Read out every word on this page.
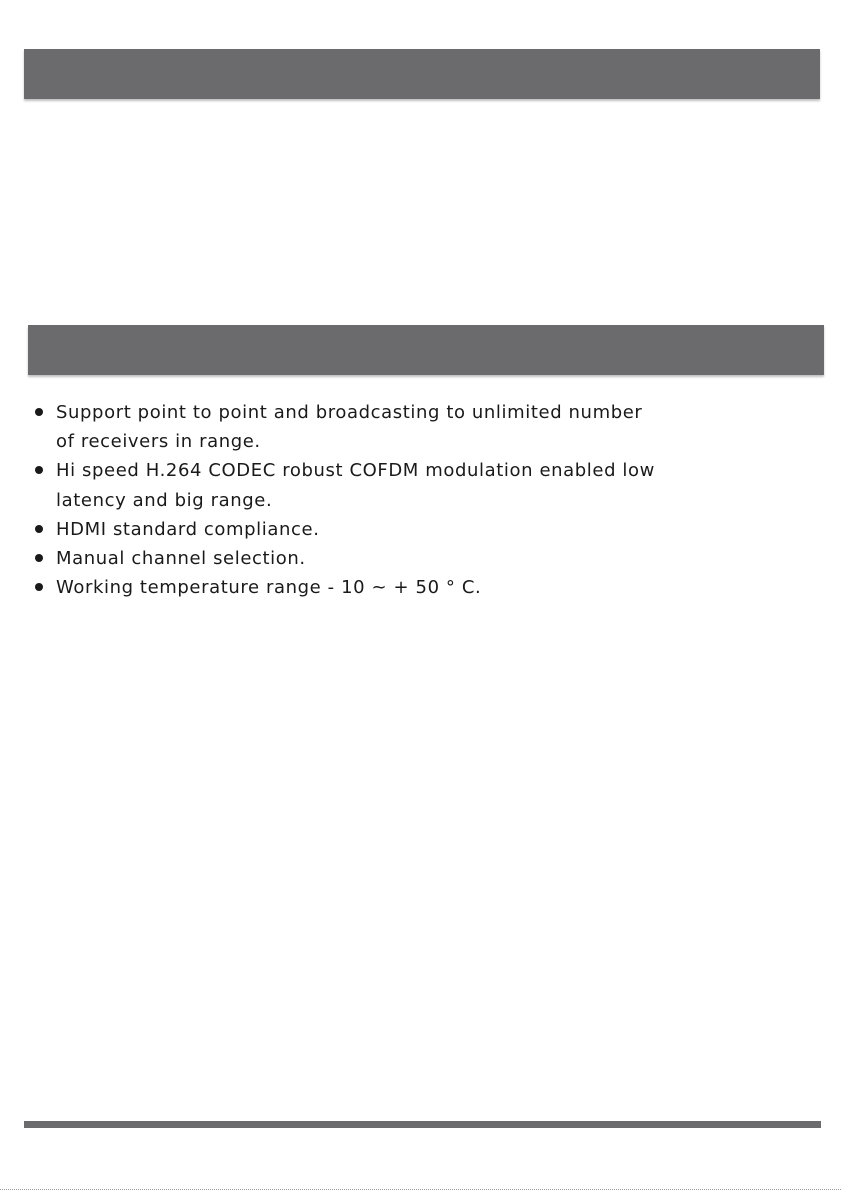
Support point to point and broadcasting to unlimited number of receivers in range.
Hi speed H.264 CODEC robust COFDM modulation enabled low latency and big range.
HDMI standard compliance.
Manual channel selection.
Working temperature range - 10 ~ + 50 ° C.
